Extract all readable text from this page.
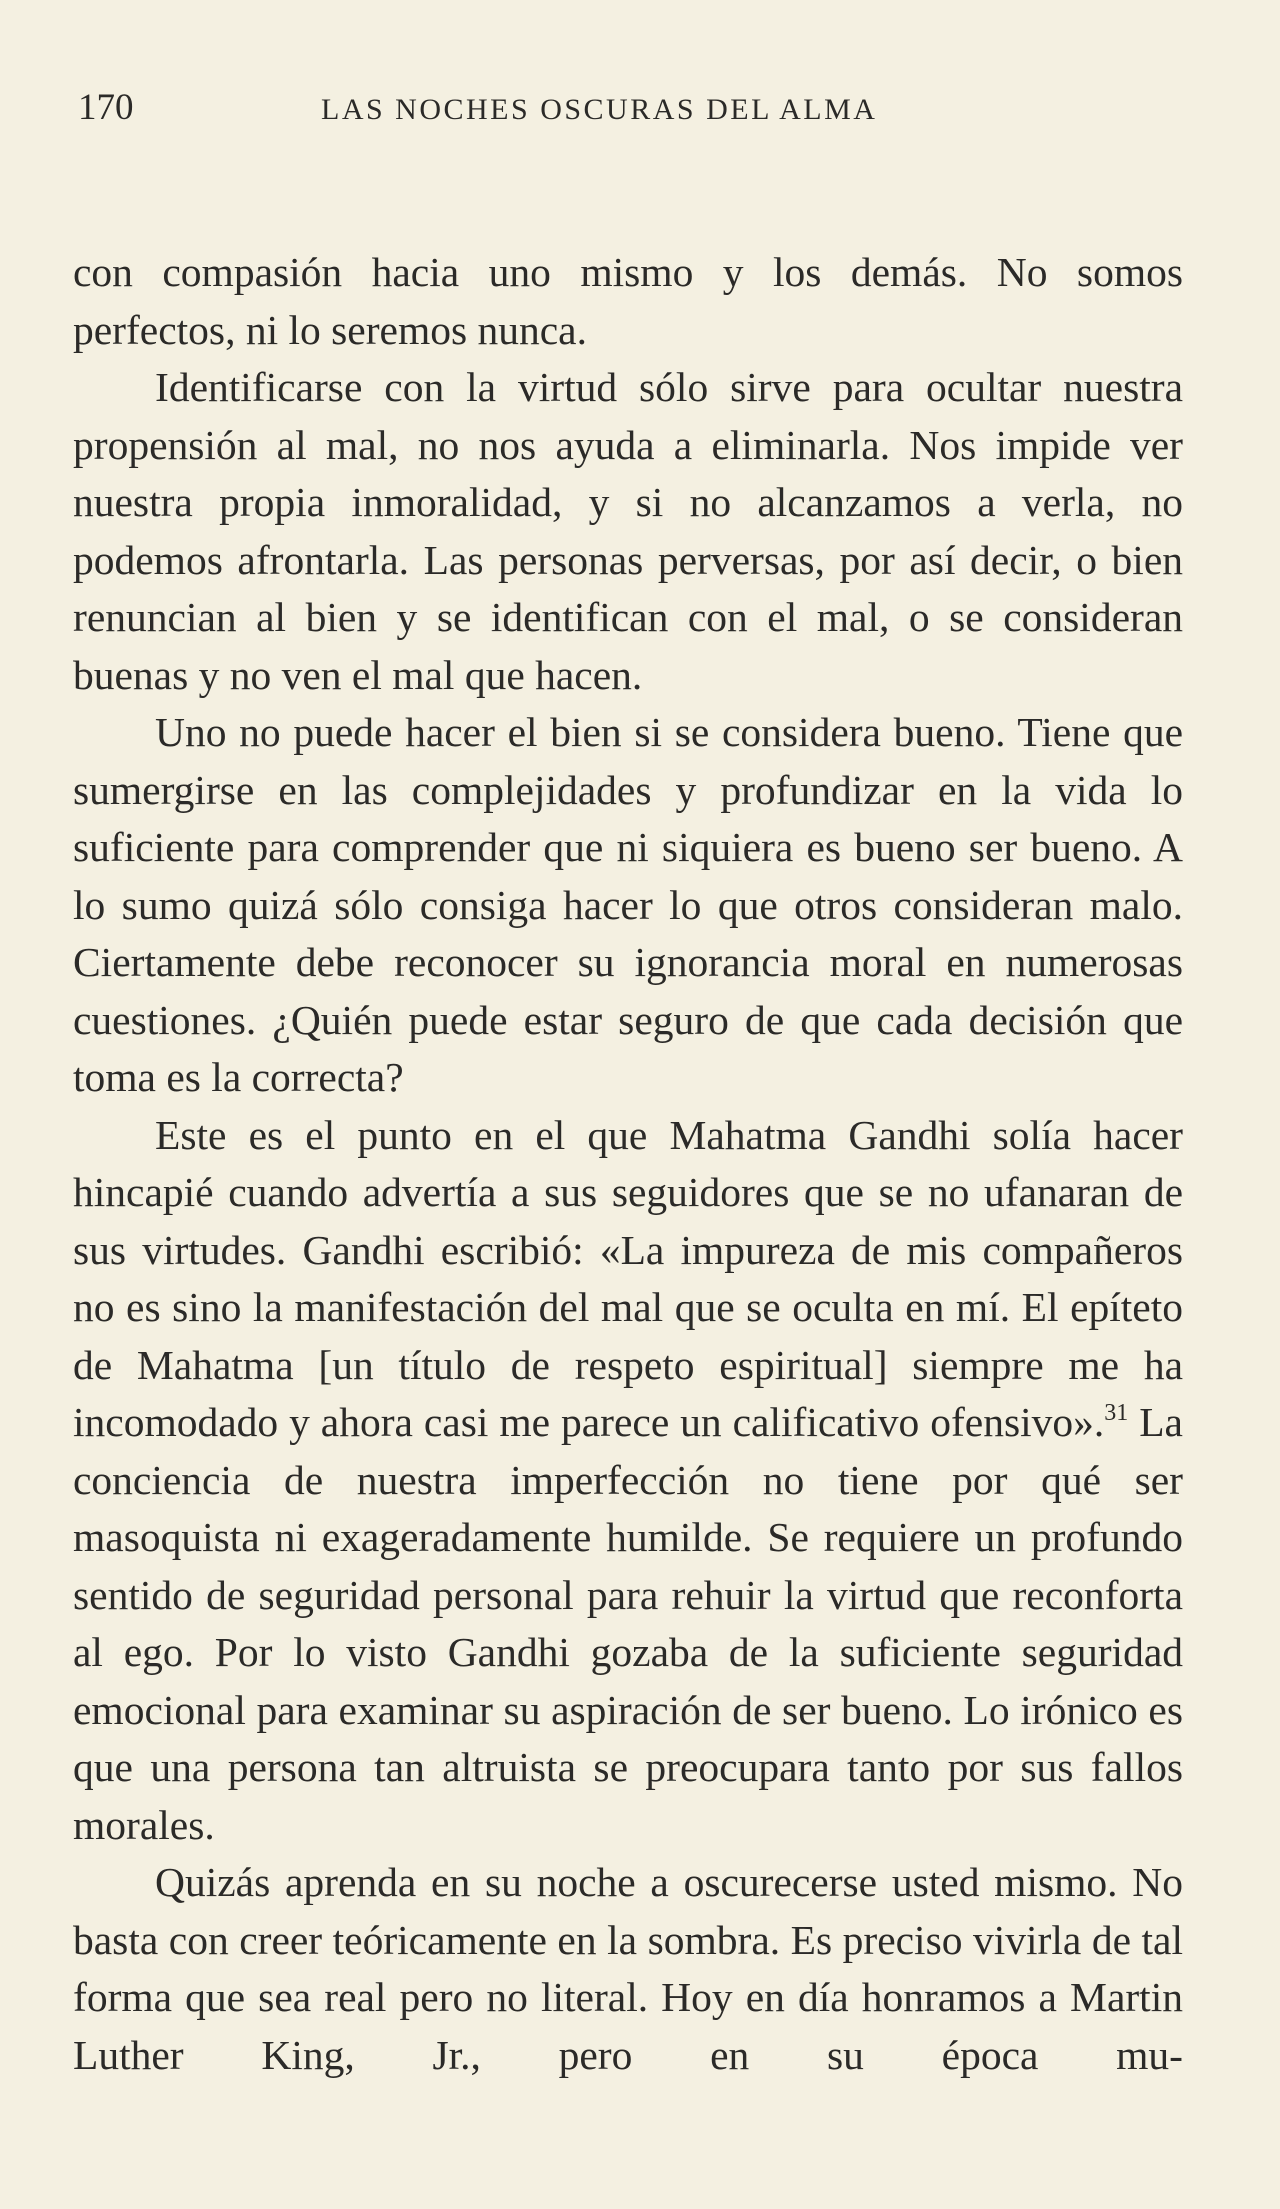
170	LAS NOCHES OSCURAS DEL ALMA

con compasión hacia uno mismo y los demás. No somos perfectos, ni lo seremos nunca.

Identificarse con la virtud sólo sirve para ocultar nuestra propensión al mal, no nos ayuda a eliminarla. Nos impide ver nuestra propia inmoralidad, y si no alcanzamos a verla, no podemos afrontarla. Las personas perversas, por así decir, o bien renuncian al bien y se identifican con el mal, o se consideran buenas y no ven el mal que hacen.

Uno no puede hacer el bien si se considera bueno. Tiene que sumergirse en las complejidades y profundizar en la vida lo suficiente para comprender que ni siquiera es bueno ser bueno. A lo sumo quizá sólo consiga hacer lo que otros consideran malo. Ciertamente debe reconocer su ignorancia moral en numerosas cuestiones. ¿Quién puede estar seguro de que cada decisión que toma es la correcta?

Este es el punto en el que Mahatma Gandhi solía hacer hincapié cuando advertía a sus seguidores que se no ufanaran de sus virtudes. Gandhi escribió: «La impureza de mis compañeros no es sino la manifestación del mal que se oculta en mí. El epíteto de Mahatma [un título de respeto espiritual] siempre me ha incomodado y ahora casi me parece un calificativo ofensivo».$^{31}$ La conciencia de nuestra imperfección no tiene por qué ser masoquista ni exageradamente humilde. Se requiere un profundo sentido de seguridad personal para rehuir la virtud que reconforta al ego. Por lo visto Gandhi gozaba de la suficiente seguridad emocional para examinar su aspiración de ser bueno. Lo irónico es que una persona tan altruista se preocupara tanto por sus fallos morales.

Quizás aprenda en su noche a oscurecerse usted mismo. No basta con creer teóricamente en la sombra. Es preciso vivirla de tal forma que sea real pero no literal. Hoy en día honramos a Martin Luther King, Jr., pero en su época mu-
